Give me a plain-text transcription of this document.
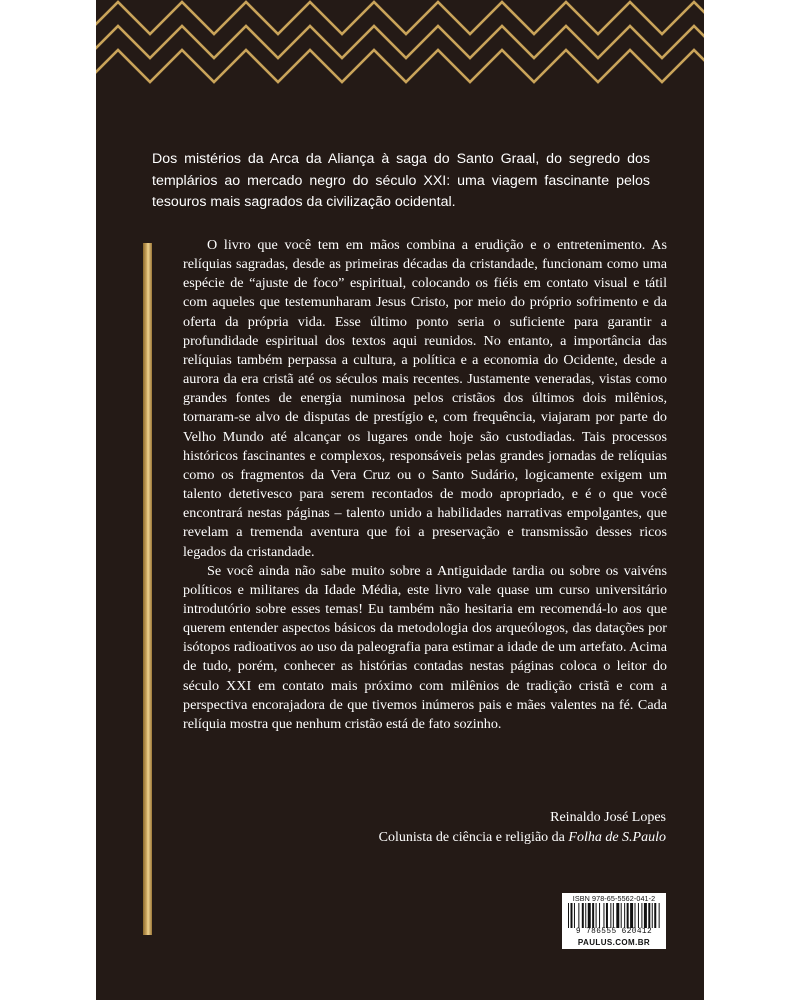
Dos mistérios da Arca da Aliança à saga do Santo Graal, do segredo dos templários ao mercado negro do século XXI: uma viagem fascinante pelos tesouros mais sagrados da civilização ocidental.

O livro que você tem em mãos combina a erudição e o entretenimento. As relíquias sagradas, desde as primeiras décadas da cristandade, funcionam como uma espécie de “ajuste de foco” espiritual, colocando os fiéis em contato visual e tátil com aqueles que testemunharam Jesus Cristo, por meio do próprio sofrimento e da oferta da própria vida. Esse último ponto seria o suficiente para garantir a profundidade espiritual dos textos aqui reunidos. No entanto, a importância das relíquias também perpassa a cultura, a política e a economia do Ocidente, desde a aurora da era cristã até os séculos mais recentes. Justamente veneradas, vistas como grandes fontes de energia numinosa pelos cristãos dos últimos dois milênios, tornaram-se alvo de disputas de prestígio e, com frequência, viajaram por parte do Velho Mundo até alcançar os lugares onde hoje são custodiadas. Tais processos históricos fascinantes e complexos, responsáveis pelas grandes jornadas de relíquias como os fragmentos da Vera Cruz ou o Santo Sudário, logicamente exigem um talento detetivesco para serem recontados de modo apropriado, e é o que você encontrará nestas páginas – talento unido a habilidades narrativas empolgantes, que revelam a tremenda aventura que foi a preservação e transmissão desses ricos legados da cristandade.

Se você ainda não sabe muito sobre a Antiguidade tardia ou sobre os vaivéns políticos e militares da Idade Média, este livro vale quase um curso universitário introdutório sobre esses temas! Eu também não hesitaria em recomendá-lo aos que querem entender aspectos básicos da metodologia dos arqueólogos, das datações por isótopos radioativos ao uso da paleografia para estimar a idade de um artefato. Acima de tudo, porém, conhecer as histórias contadas nestas páginas coloca o leitor do século XXI em contato mais próximo com milênios de tradição cristã e com a perspectiva encorajadora de que tivemos inúmeros pais e mães valentes na fé. Cada relíquia mostra que nenhum cristão está de fato sozinho.

Reinaldo José Lopes
Colunista de ciência e religião da Folha de S.Paulo
ISBN 978-65-5562-041-2
9 786555 620412
PAULUS.COM.BR
